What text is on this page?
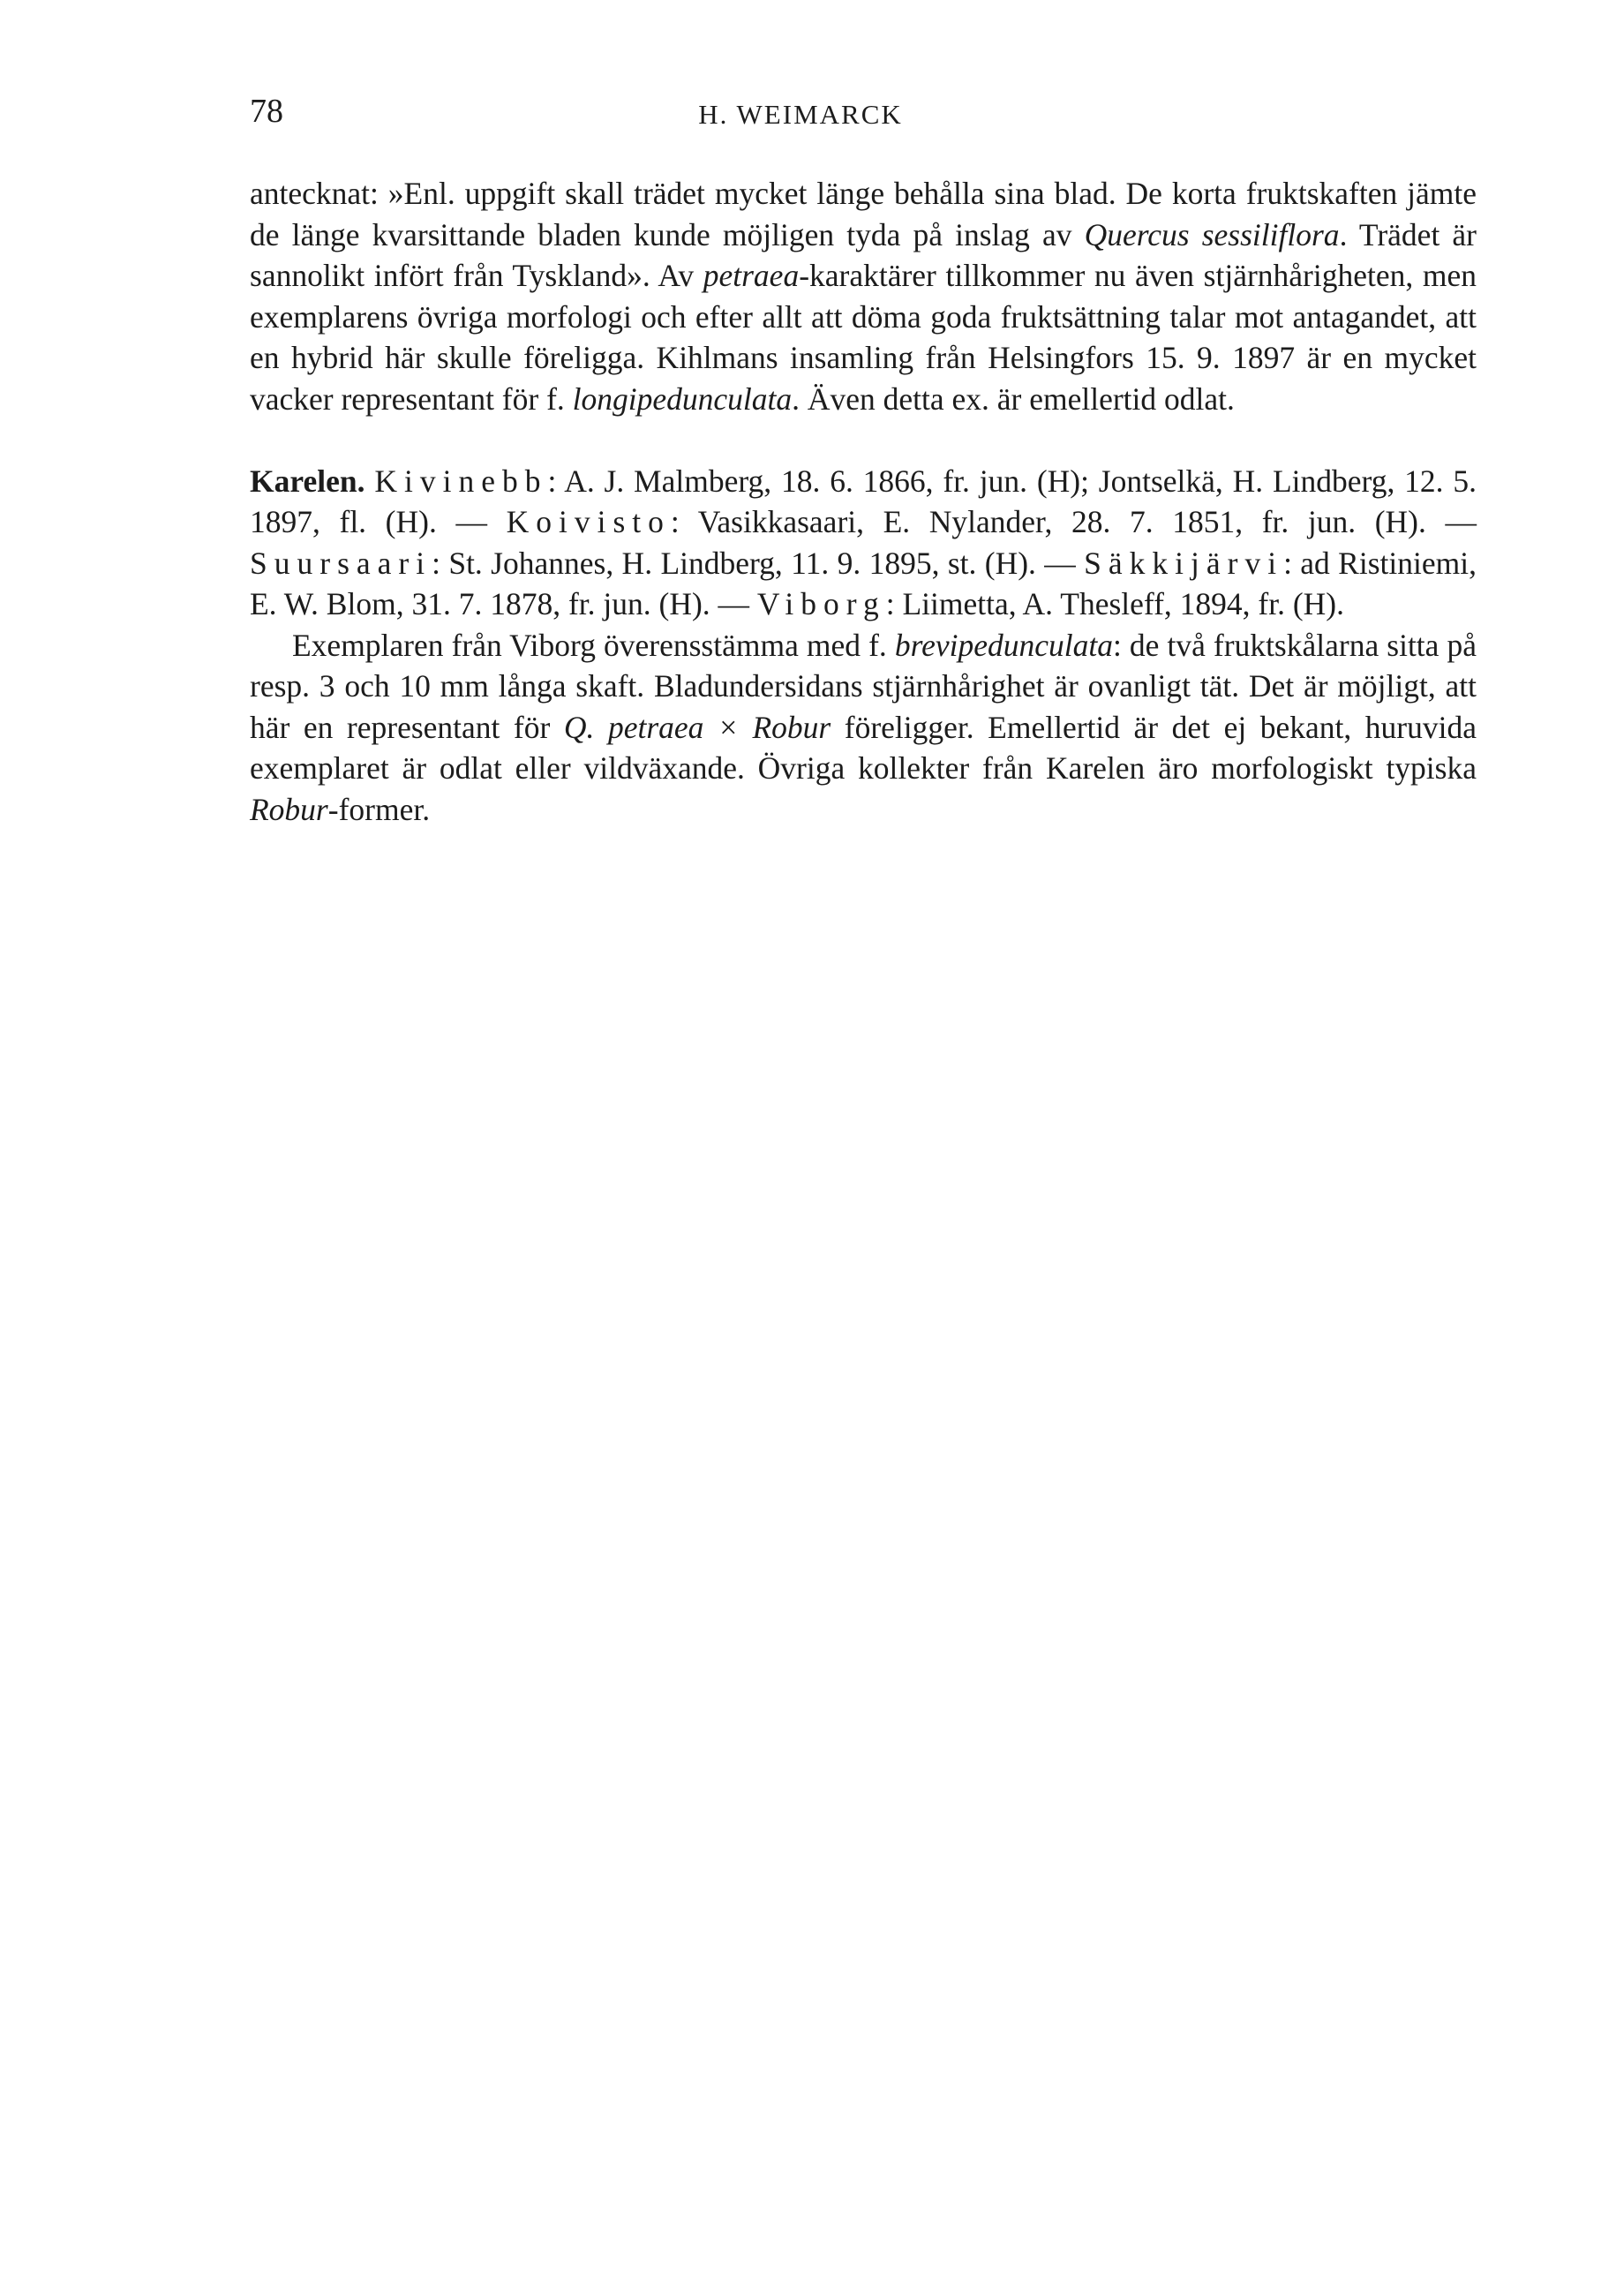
78	H. WEIMARCK

antecknat: »Enl. uppgift skall trädet mycket länge behålla sina blad. De korta fruktskaften jämte de länge kvarsittande bladen kunde möjligen tyda på inslag av Quercus sessiliflora. Trädet är sannolikt infört från Tyskland». Av petraea-karaktärer tillkommer nu även stjärnhårigheten, men exemplarens övriga morfologi och efter allt att döma goda fruktsättning talar mot antagandet, att en hybrid här skulle föreligga. Kihlmans insamling från Helsingfors 15. 9. 1897 är en mycket vacker representant för f. longipedunculata. Även detta ex. är emellertid odlat.

Karelen. Kivinebb: A. J. Malmberg, 18. 6. 1866, fr. jun. (H); Jontselkä, H. Lindberg, 12. 5. 1897, fl. (H). — Koivisto: Vasikkasaari, E. Nylander, 28. 7. 1851, fr. jun. (H). — Suursaari: St. Johannes, H. Lindberg, 11. 9. 1895, st. (H). — Säkkijärvi: ad Ristiniemi, E. W. Blom, 31. 7. 1878, fr. jun. (H). — Viborg: Liimetta, A. Thesleff, 1894, fr. (H).

Exemplaren från Viborg överensstämma med f. brevipedunculata: de två fruktskålarna sitta på resp. 3 och 10 mm långa skaft. Bladundersidans stjärnhårighet är ovanligt tät. Det är möjligt, att här en representant för Q. petraea × Robur föreligger. Emellertid är det ej bekant, huruvida exemplaret är odlat eller vildväxande. Övriga kollekter från Karelen äro morfologiskt typiska Robur-former.
